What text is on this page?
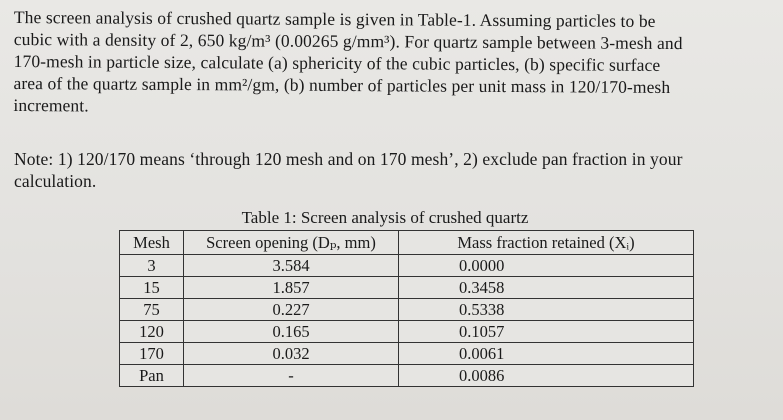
The screen analysis of crushed quartz sample is given in Table-1. Assuming particles to be
cubic with a density of 2, 650 kg/m³ (0.00265 g/mm³). For quartz sample between 3-mesh and
170-mesh in particle size, calculate (a) sphericity of the cubic particles, (b) specific surface
area of the quartz sample in mm²/gm, (b) number of particles per unit mass in 120/170-mesh
increment.

Note: 1) 120/170 means ‘through 120 mesh and on 170 mesh’, 2) exclude pan fraction in your
calculation.

Table 1: Screen analysis of crushed quartz
Mesh	Screen opening (Dₚ, mm)	Mass fraction retained (Xᵢ)
3	3.584	0.0000
15	1.857	0.3458
75	0.227	0.5338
120	0.165	0.1057
170	0.032	0.0061
Pan	-	0.0086
